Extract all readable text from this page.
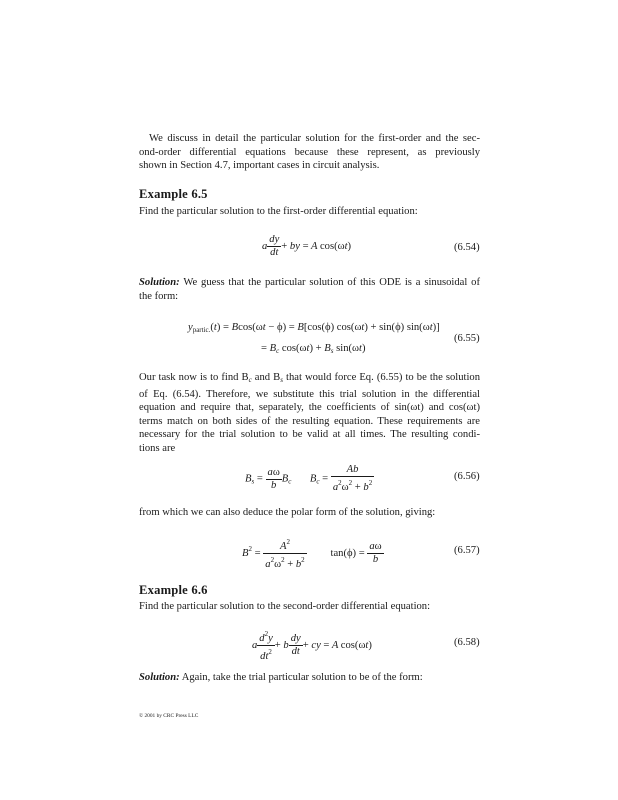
We discuss in detail the particular solution for the first-order and the sec-
ond-order differential equations because these represent, as previously
shown in Section 4.7, important cases in circuit analysis.
Example 6.5
Find the particular solution to the first-order differential equation:
a $\frac{dy}{dt}$ + by = A cos(ωt)	(6.54)
Solution: We guess that the particular solution of this ODE is a sinusoidal of
the form:
$y_{partic.}(t) = Bcos(\omega t - \phi) = B[\cos(\phi) \cos(\omega t) + \sin(\phi)$ sin(ωt)]
= $B_c$ $\cos(\omega t) + B_s$ sin(ωt)
(6.55)
Our task now is to find $B_c$ and $B_s$ that would force Eq. (6.55) to be the solution
of Eq. (6.54). Therefore, we substitute this trial solution in the differential
equation and require that, separately, the coefficients of sin(ωt) and cos(ωt)
terms match on both sides of the resulting equation. These requirements are
necessary for the trial solution to be valid at all times. The resulting condi-
tions are
$B_s = \frac{a\omega}{b} B_c$       $B_c = \frac{Ab}{a^2\omega^2 + b^2}$	(6.56)
from which we can also deduce the polar form of the solution, giving:
$B^2 = \frac{A^2}{a^2\omega^2 + b^2} \tan(\phi) = \frac{a\omega}{b}$	(6.57)
Example 6.6
Find the particular solution to the second-order differential equation:
a $\frac{d^2y}{dt^2} + b \frac{dy}{dt}$ + cy = A cos(ωt)	(6.58)
Solution: Again, take the trial particular solution to be of the form:
© 2001 by CRC Press LLC
